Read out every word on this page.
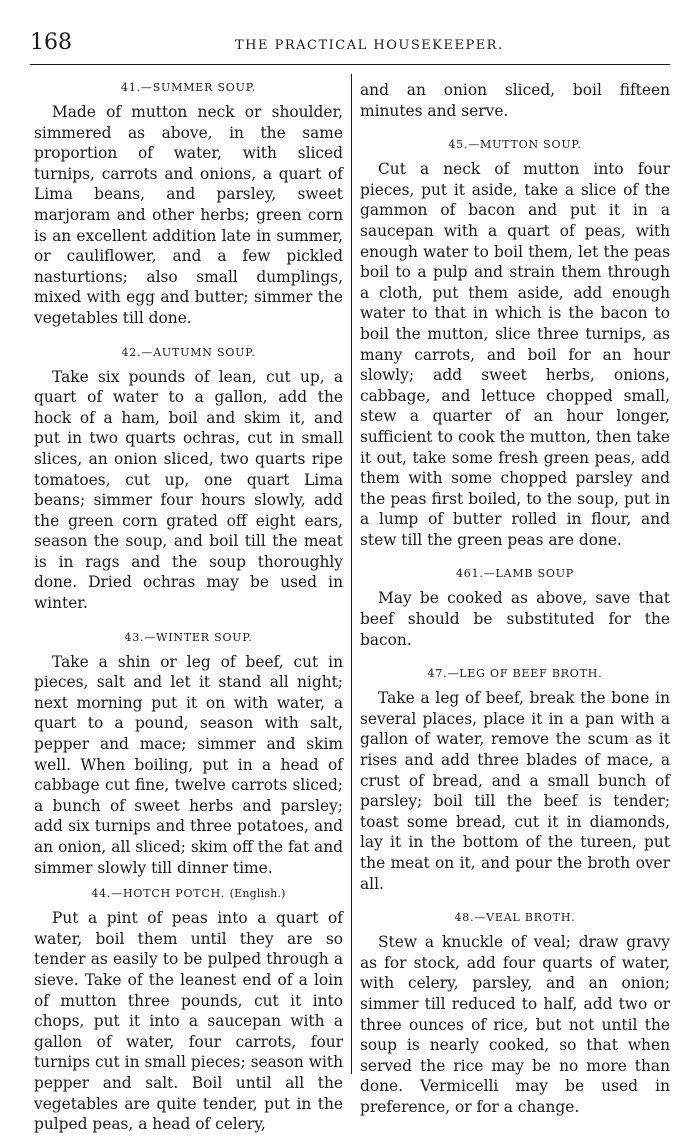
168	THE PRACTICAL HOUSEKEEPER.
41.—SUMMER SOUP.

Made of mutton neck or shoulder, simmered as above, in the same proportion of water, with sliced turnips, carrots and onions, a quart of Lima beans, and parsley, sweet marjoram and other herbs; green corn is an excellent addition late in summer, or cauliflower, and a few pickled nasturtions; also small dumplings, mixed with egg and butter; simmer the vegetables till done.

42.—AUTUMN SOUP.

Take six pounds of lean, cut up, a quart of water to a gallon, add the hock of a ham, boil and skim it, and put in two quarts ochras, cut in small slices, an onion sliced, two quarts ripe tomatoes, cut up, one quart Lima beans; simmer four hours slowly, add the green corn grated off eight ears, season the soup, and boil till the meat is in rags and the soup thoroughly done. Dried ochras may be used in winter.

43.—WINTER SOUP.

Take a shin or leg of beef, cut in pieces, salt and let it stand all night; next morning put it on with water, a quart to a pound, season with salt, pepper and mace; simmer and skim well. When boiling, put in a head of cabbage cut fine, twelve carrots sliced; a bunch of sweet herbs and parsley; add six turnips and three potatoes, and an onion, all sliced; skim off the fat and simmer slowly till dinner time.

44.—HOTCH POTCH. (English.)

Put a pint of peas into a quart of water, boil them until they are so tender as easily to be pulped through a sieve. Take of the leanest end of a loin of mutton three pounds, cut it into chops, put it into a saucepan with a gallon of water, four carrots, four turnips cut in small pieces; season with pepper and salt. Boil until all the vegetables are quite tender, put in the pulped peas, a head of celery,

and an onion sliced, boil fifteen minutes and serve.

45.—MUTTON SOUP.

Cut a neck of mutton into four pieces, put it aside, take a slice of the gammon of bacon and put it in a saucepan with a quart of peas, with enough water to boil them, let the peas boil to a pulp and strain them through a cloth, put them aside, add enough water to that in which is the bacon to boil the mutton, slice three turnips, as many carrots, and boil for an hour slowly; add sweet herbs, onions, cabbage, and lettuce chopped small, stew a quarter of an hour longer, sufficient to cook the mutton, then take it out, take some fresh green peas, add them with some chopped parsley and the peas first boiled, to the soup, put in a lump of butter rolled in flour, and stew till the green peas are done.

461.—LAMB SOUP

May be cooked as above, save that beef should be substituted for the bacon.

47.—LEG OF BEEF BROTH.

Take a leg of beef, break the bone in several places, place it in a pan with a gallon of water, remove the scum as it rises and add three blades of mace, a crust of bread, and a small bunch of parsley; boil till the beef is tender; toast some bread, cut it in diamonds, lay it in the bottom of the tureen, put the meat on it, and pour the broth over all.

48.—VEAL BROTH.

Stew a knuckle of veal; draw gravy as for stock, add four quarts of water, with celery, parsley, and an onion; simmer till reduced to half, add two or three ounces of rice, but not until the soup is nearly cooked, so that when served the rice may be no more than done. Vermicelli may be used in preference, or for a change.
